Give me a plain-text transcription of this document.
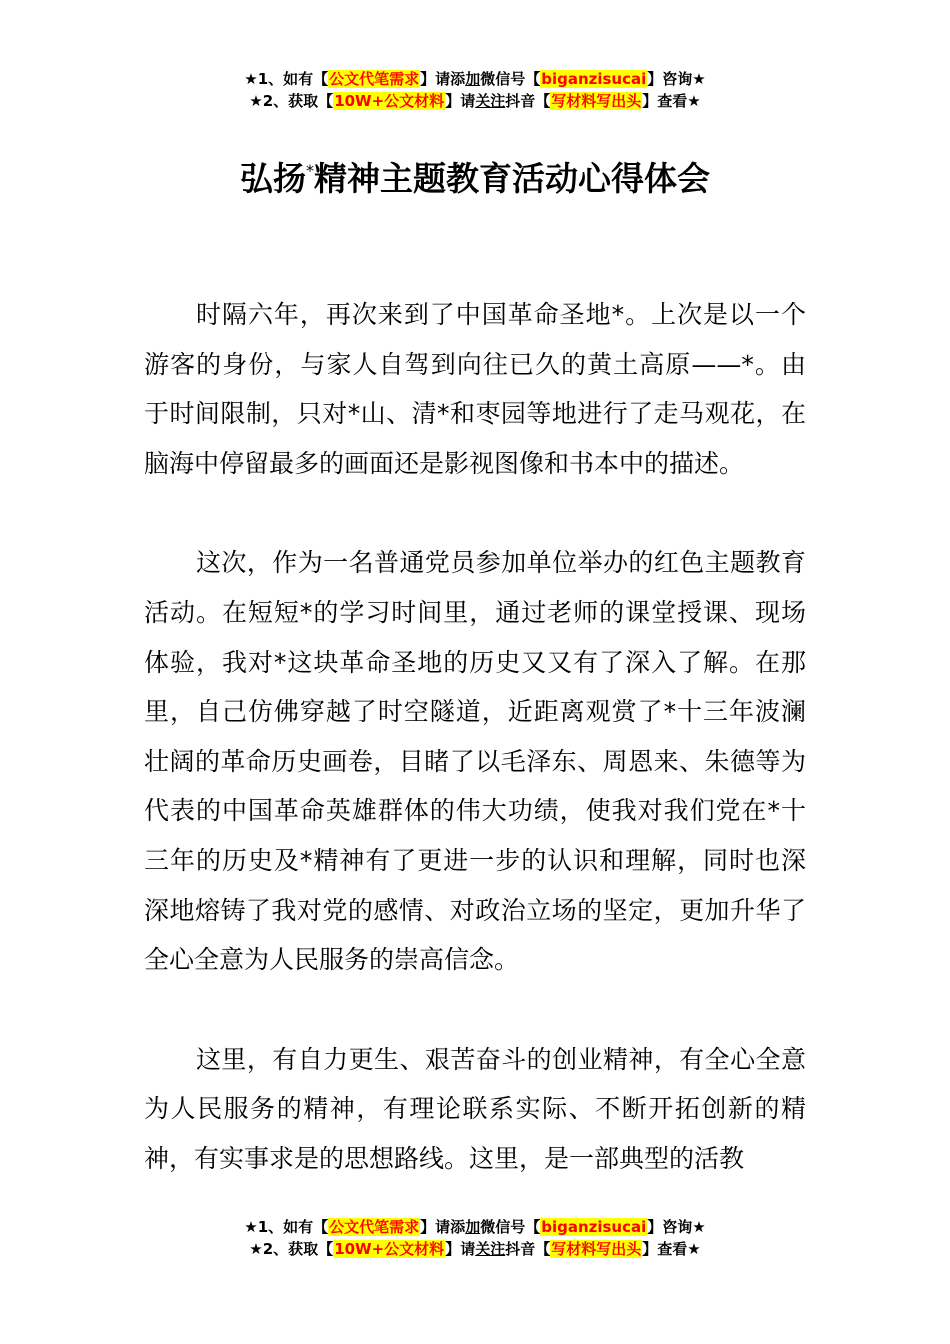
★1、如有【公文代笔需求】请添加微信号【biganzisucai】咨询★
★2、获取【10W+公文材料】请关注抖音【写材料写出头】查看★
弘扬*精神主题教育活动心得体会

时隔六年，再次来到了中国革命圣地*。上次是以一个游客的身份，与家人自驾到向往已久的黄土高原——*。由于时间限制，只对*山、清*和枣园等地进行了走马观花，在脑海中停留最多的画面还是影视图像和书本中的描述。

这次，作为一名普通党员参加单位举办的红色主题教育活动。在短短*的学习时间里，通过老师的课堂授课、现场体验，我对*这块革命圣地的历史又又有了深入了解。在那里，自己仿佛穿越了时空隧道，近距离观赏了*十三年波澜壮阔的革命历史画卷，目睹了以毛泽东、周恩来、朱德等为代表的中国革命英雄群体的伟大功绩，使我对我们党在*十三年的历史及*精神有了更进一步的认识和理解，同时也深深地熔铸了我对党的感情、对政治立场的坚定，更加升华了全心全意为人民服务的崇高信念。

这里，有自力更生、艰苦奋斗的创业精神，有全心全意为人民服务的精神，有理论联系实际、不断开拓创新的精神，有实事求是的思想路线。这里，是一部典型的活教

★1、如有【公文代笔需求】请添加微信号【biganzisucai】咨询★
★2、获取【10W+公文材料】请关注抖音【写材料写出头】查看★
